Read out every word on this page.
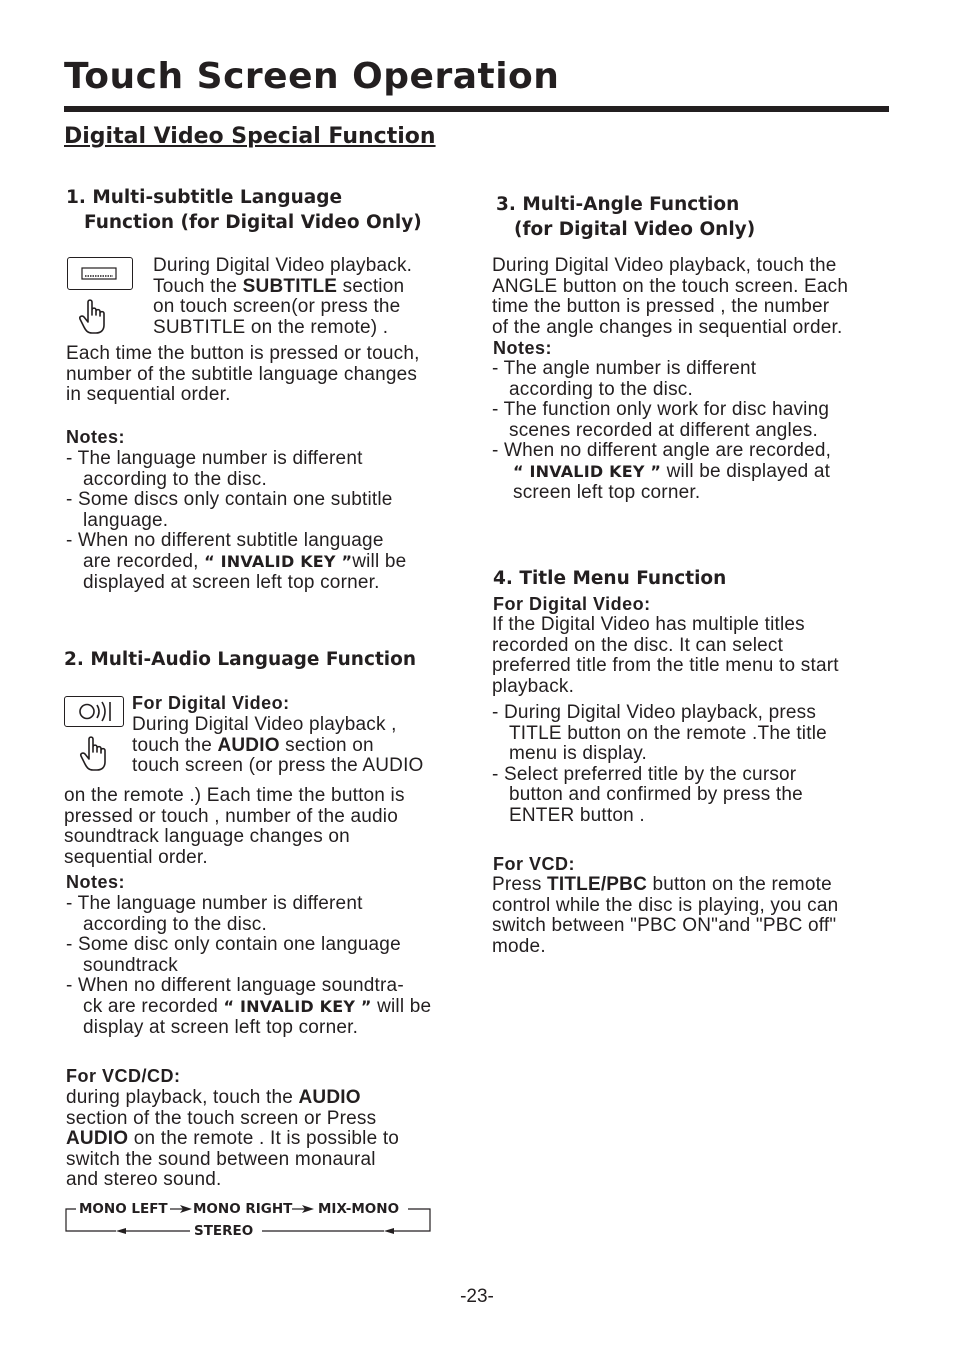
Touch Screen Operation
Digital Video Special Function
1. Multi-subtitle Language
Function (for Digital Video Only)
During Digital Video playback.
Touch the SUBTITLE section
on touch screen(or press the
SUBTITLE on the remote) .
Each time the button is pressed or touch,
number of the subtitle language changes
in sequential order.
Notes:
- The language number is different
according to the disc.
- Some discs only contain one subtitle
language.
- When no different subtitle language
are recorded, “ INVALID KEY ”will be
displayed at screen left top corner.
2. Multi-Audio Language Function
For Digital Video:
During Digital Video playback ,
touch the AUDIO section on
touch screen (or press the AUDIO
on the remote .) Each time the button is
pressed or touch , number of the audio
soundtrack language changes on
sequential order.
Notes:
- The language number is different
according to the disc.
- Some disc only contain one language
soundtrack
- When no different language soundtra-
ck are recorded “ INVALID KEY ” will be
display at screen left top corner.
For VCD/CD:
during playback, touch the AUDIO
section of the touch screen or Press
AUDIO on the remote . It is possible to
switch the sound between monaural
and stereo sound.
MONO LEFT MONO RIGHT MIX-MONO
STEREO
3. Multi-Angle Function
(for Digital Video Only)
During Digital Video playback, touch the
ANGLE button on the touch screen. Each
time the button is pressed , the number
of the angle changes in sequential order.
Notes:
- The angle number is different
according to the disc.
- The function only work for disc having
scenes recorded at different angles.
- When no different angle are recorded,
“ INVALID KEY ” will be displayed at
screen left top corner.
4. Title Menu Function
For Digital Video:
If the Digital Video has multiple titles
recorded on the disc. It can select
preferred title from the title menu to start
playback.
- During Digital Video playback, press
TITLE button on the remote .The title
menu is display.
- Select preferred title by the cursor
button and confirmed by press the
ENTER button .
For VCD:
Press TITLE/PBC button on the remote
control while the disc is playing, you can
switch between "PBC ON"and "PBC off"
mode.
-23-
